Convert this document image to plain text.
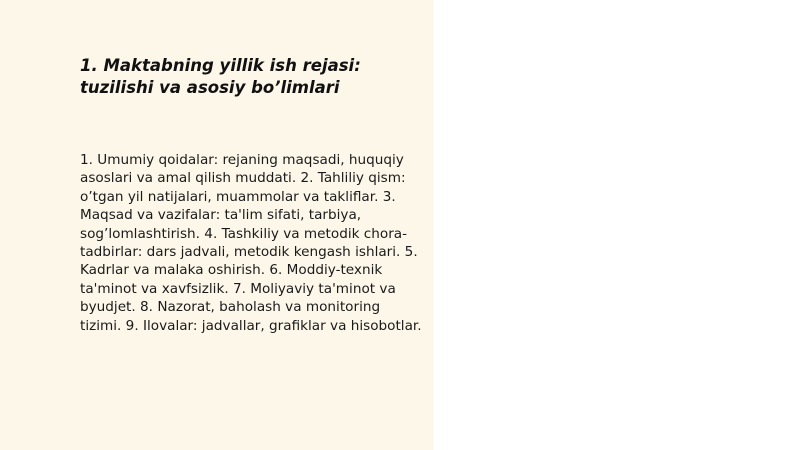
1. Maktabning yillik ish rejasi: tuzilishi va asosiy bo’limlari

1. Umumiy qoidalar: rejaning maqsadi, huquqiy asoslari va amal qilish muddati. 2. Tahliliy qism: o’tgan yil natijalari, muammolar va takliflar. 3. Maqsad va vazifalar: ta'lim sifati, tarbiya, sog’lomlashtirish. 4. Tashkiliy va metodik chora-tadbirlar: dars jadvali, metodik kengash ishlari. 5. Kadrlar va malaka oshirish. 6. Moddiy-texnik ta'minot va xavfsizlik. 7. Moliyaviy ta'minot va byudjet. 8. Nazorat, baholash va monitoring tizimi. 9. Ilovalar: jadvallar, grafiklar va hisobotlar.
